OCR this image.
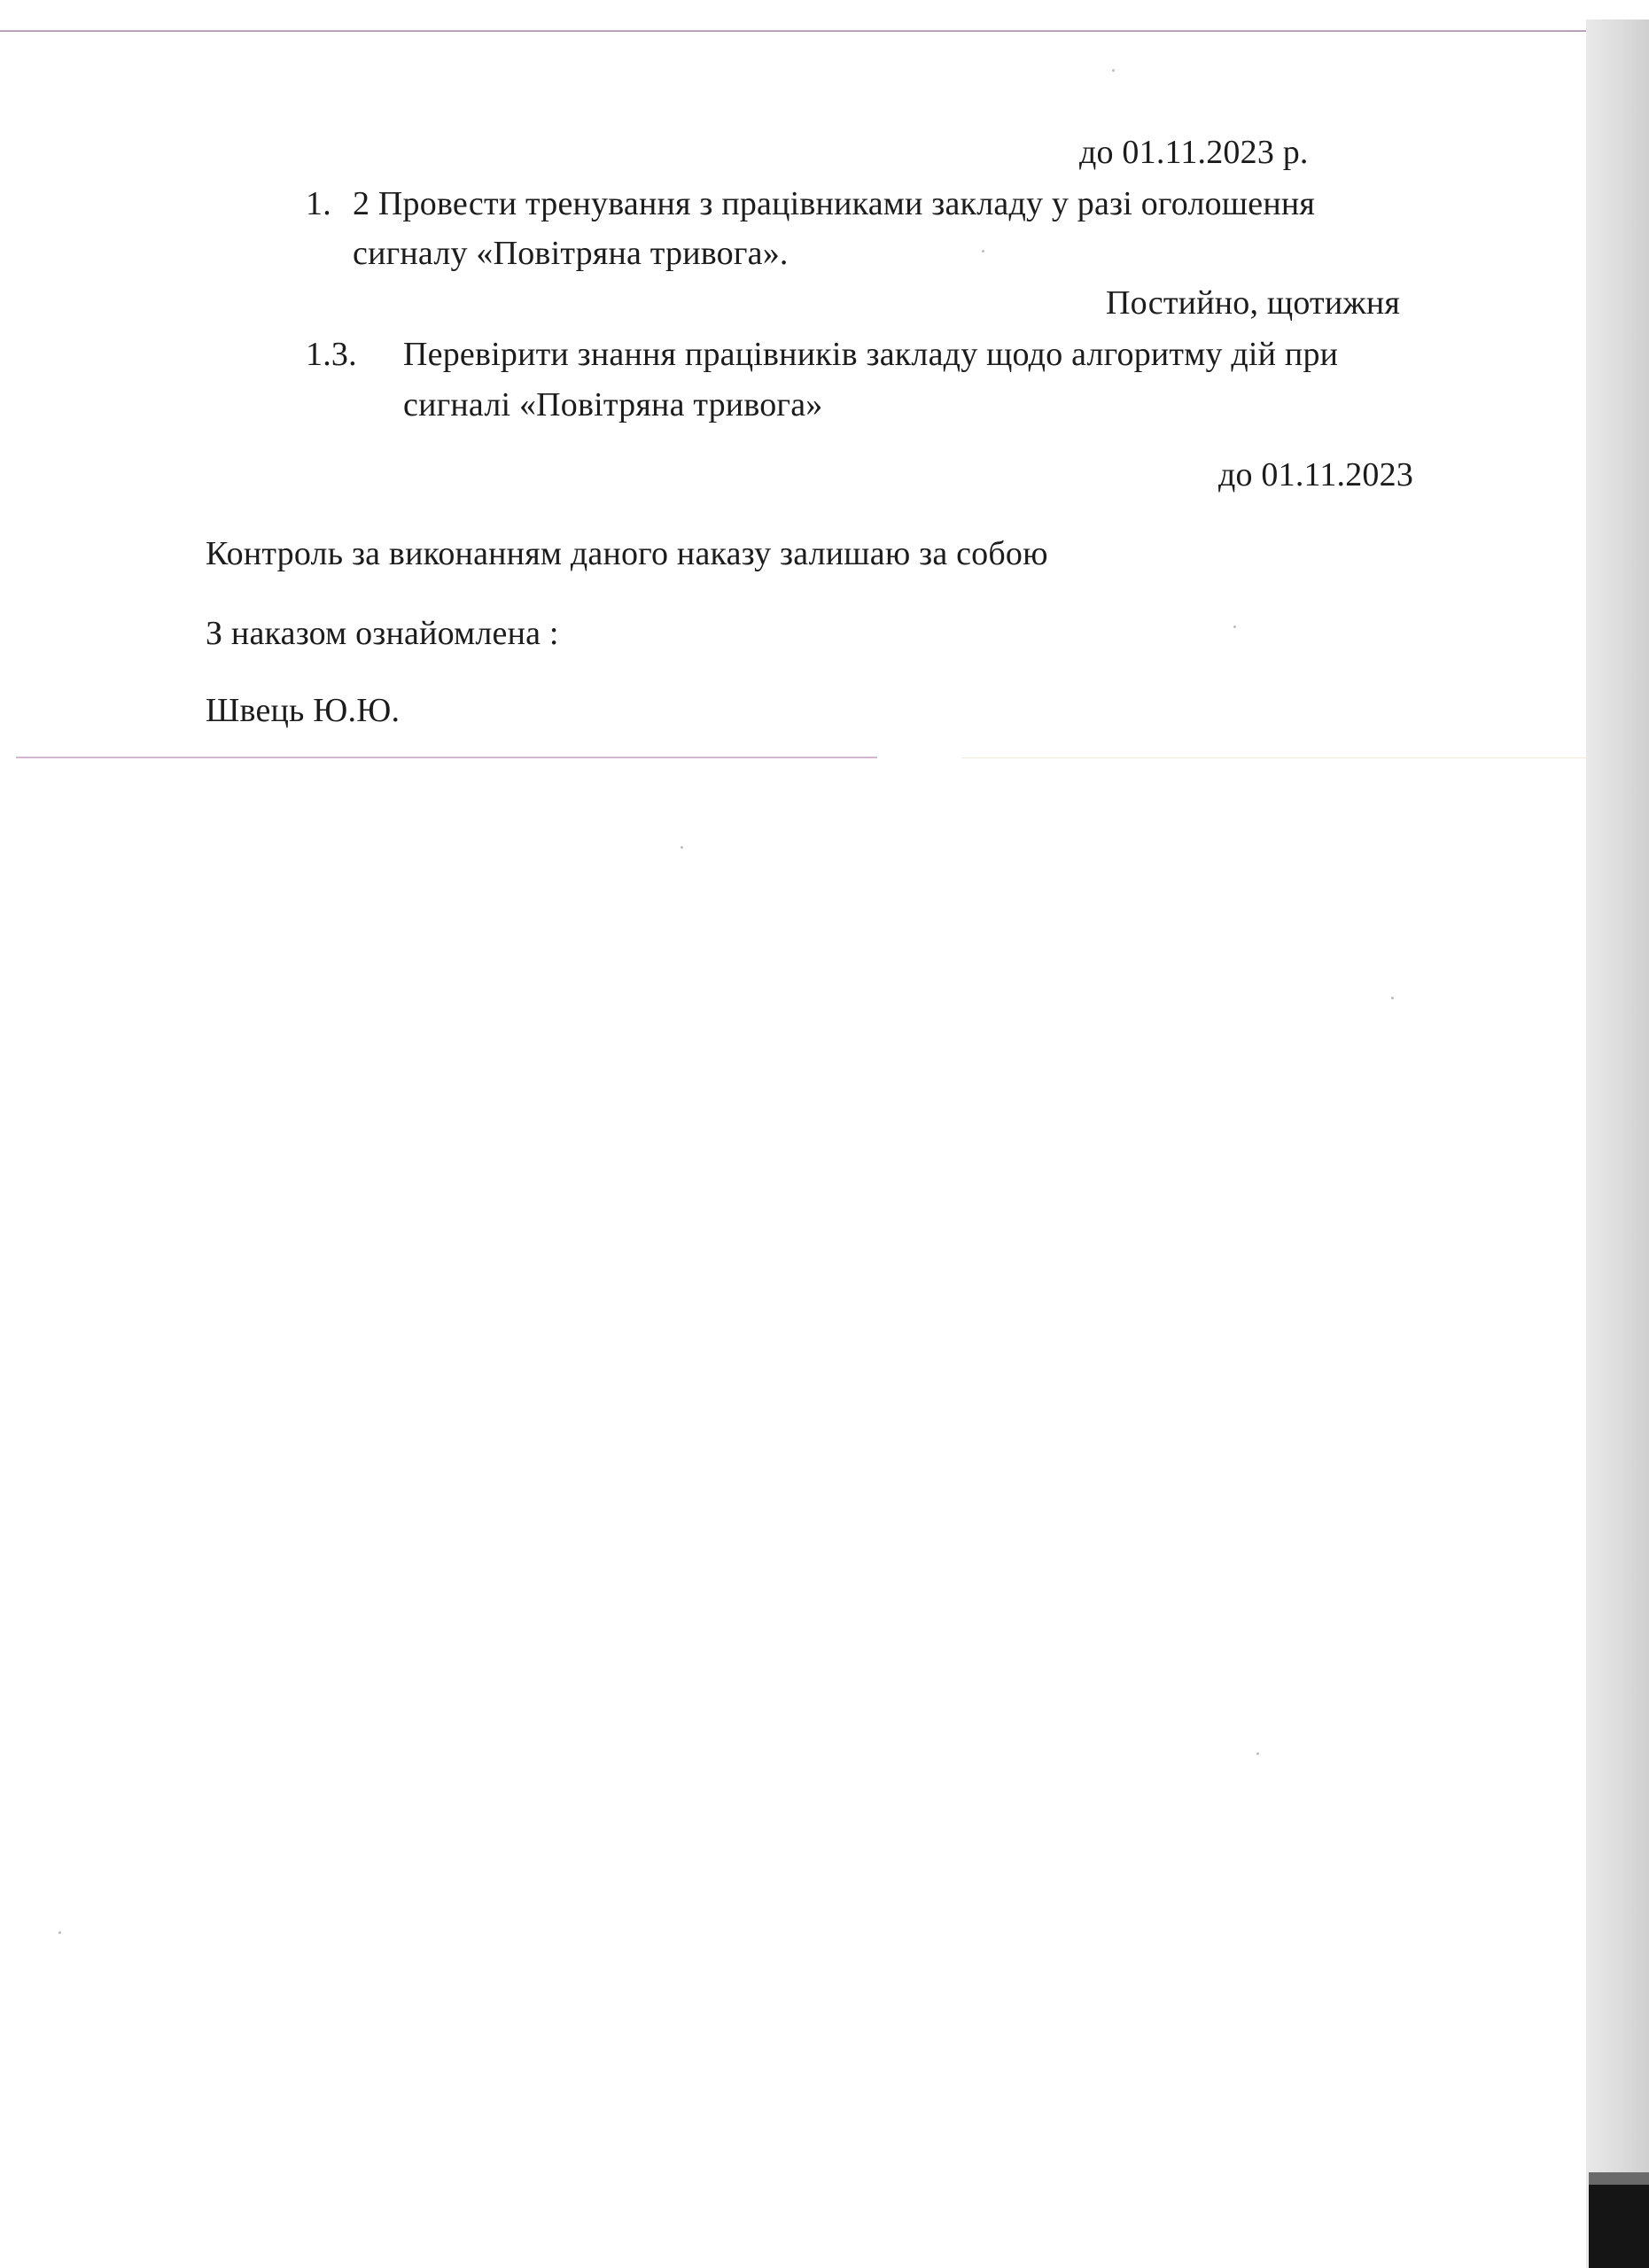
до 01.11.2023 р.
1. 2 Провести тренування з працівниками закладу у разі оголошення
сигналу «Повітряна тривога».
Постийно, щотижня
1.3. Перевірити знання працівників закладу щодо алгоритму дій при
сигналі «Повітряна тривога»
до 01.11.2023
Контроль за виконанням даного наказу залишаю за собою
З наказом ознайомлена :
Швець Ю.Ю.
